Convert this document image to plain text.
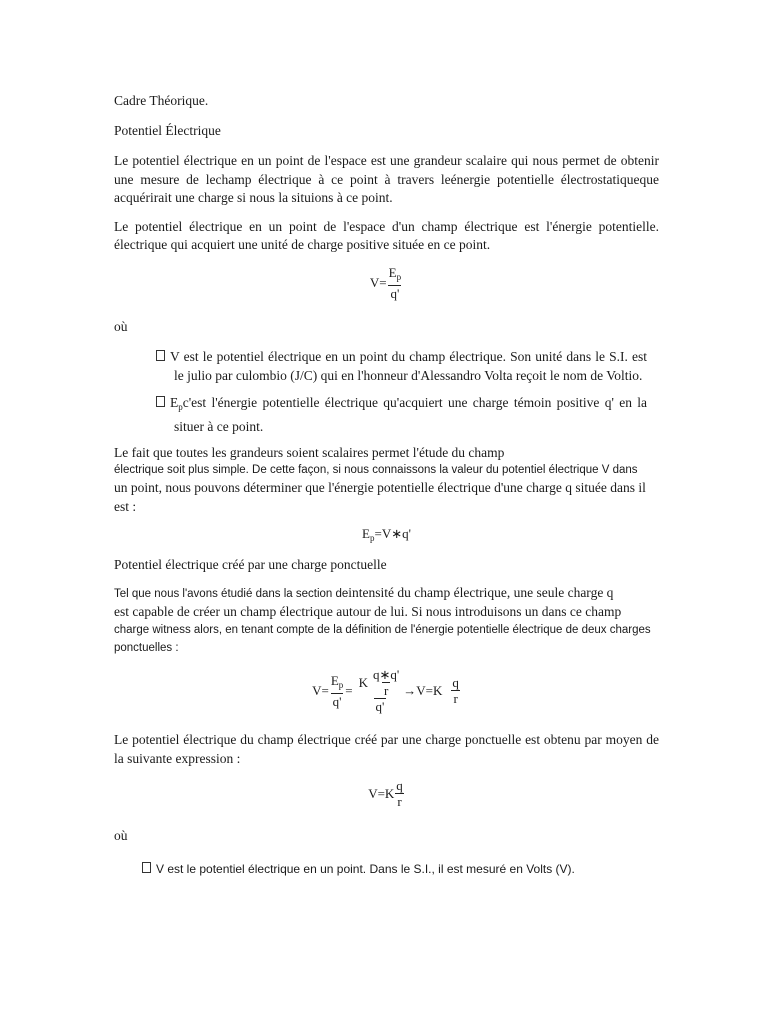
Cadre Théorique.

Potentiel Électrique

Le potentiel électrique en un point de l'espace est une grandeur scalaire qui nous permet de obtenir une mesure de lechamp électrique à ce point à travers leénergie potentielle électrostatiqueque acquérirait une charge si nous la situions à ce point.

Le potentiel électrique en un point de l'espace d'un champ électrique est l'énergie potentielle. électrique qui acquiert une unité de charge positive située en ce point.

$V= \frac{E_p}{q'}$

où

V est le potentiel électrique en un point du champ électrique. Son unité dans le S.I. est le julio par culombio (J/C) qui en l'honneur d'Alessandro Volta reçoit le nom de Voltio.

$E_pc'est$ l'énergie potentielle électrique qu'acquiert une charge témoin positive q' en la situer à ce point.

Le fait que toutes les grandeurs soient scalaires permet l'étude du champ

électrique soit plus simple. De cette façon, si nous connaissons la valeur du potentiel électrique V dans

un point, nous pouvons déterminer que l'énergie potentielle électrique d'une charge q située dans il est :

$E_p=V∗q'$

Potentiel électrique créé par une charge ponctuelle

Tel que nous l'avons étudié dans la section deintensité du champ électrique, une seule charge q

est capable de créer un champ électrique autour de lui. Si nous introduisons un dans ce champ

charge witness alors, en tenant compte de la définition de l'énergie potentielle électrique de deux charges ponctuelles :

$V= \frac{E_p}{q'} = \frac{K \frac{q∗q'}{r}}{q'} \to V=K \frac{q}{r}$

Le potentiel électrique du champ électrique créé par une charge ponctuelle est obtenu par moyen de la suivante expression :

$V=K \frac{q}{r}$

où

V est le potentiel électrique en un point. Dans le S.I., il est mesuré en Volts (V).
